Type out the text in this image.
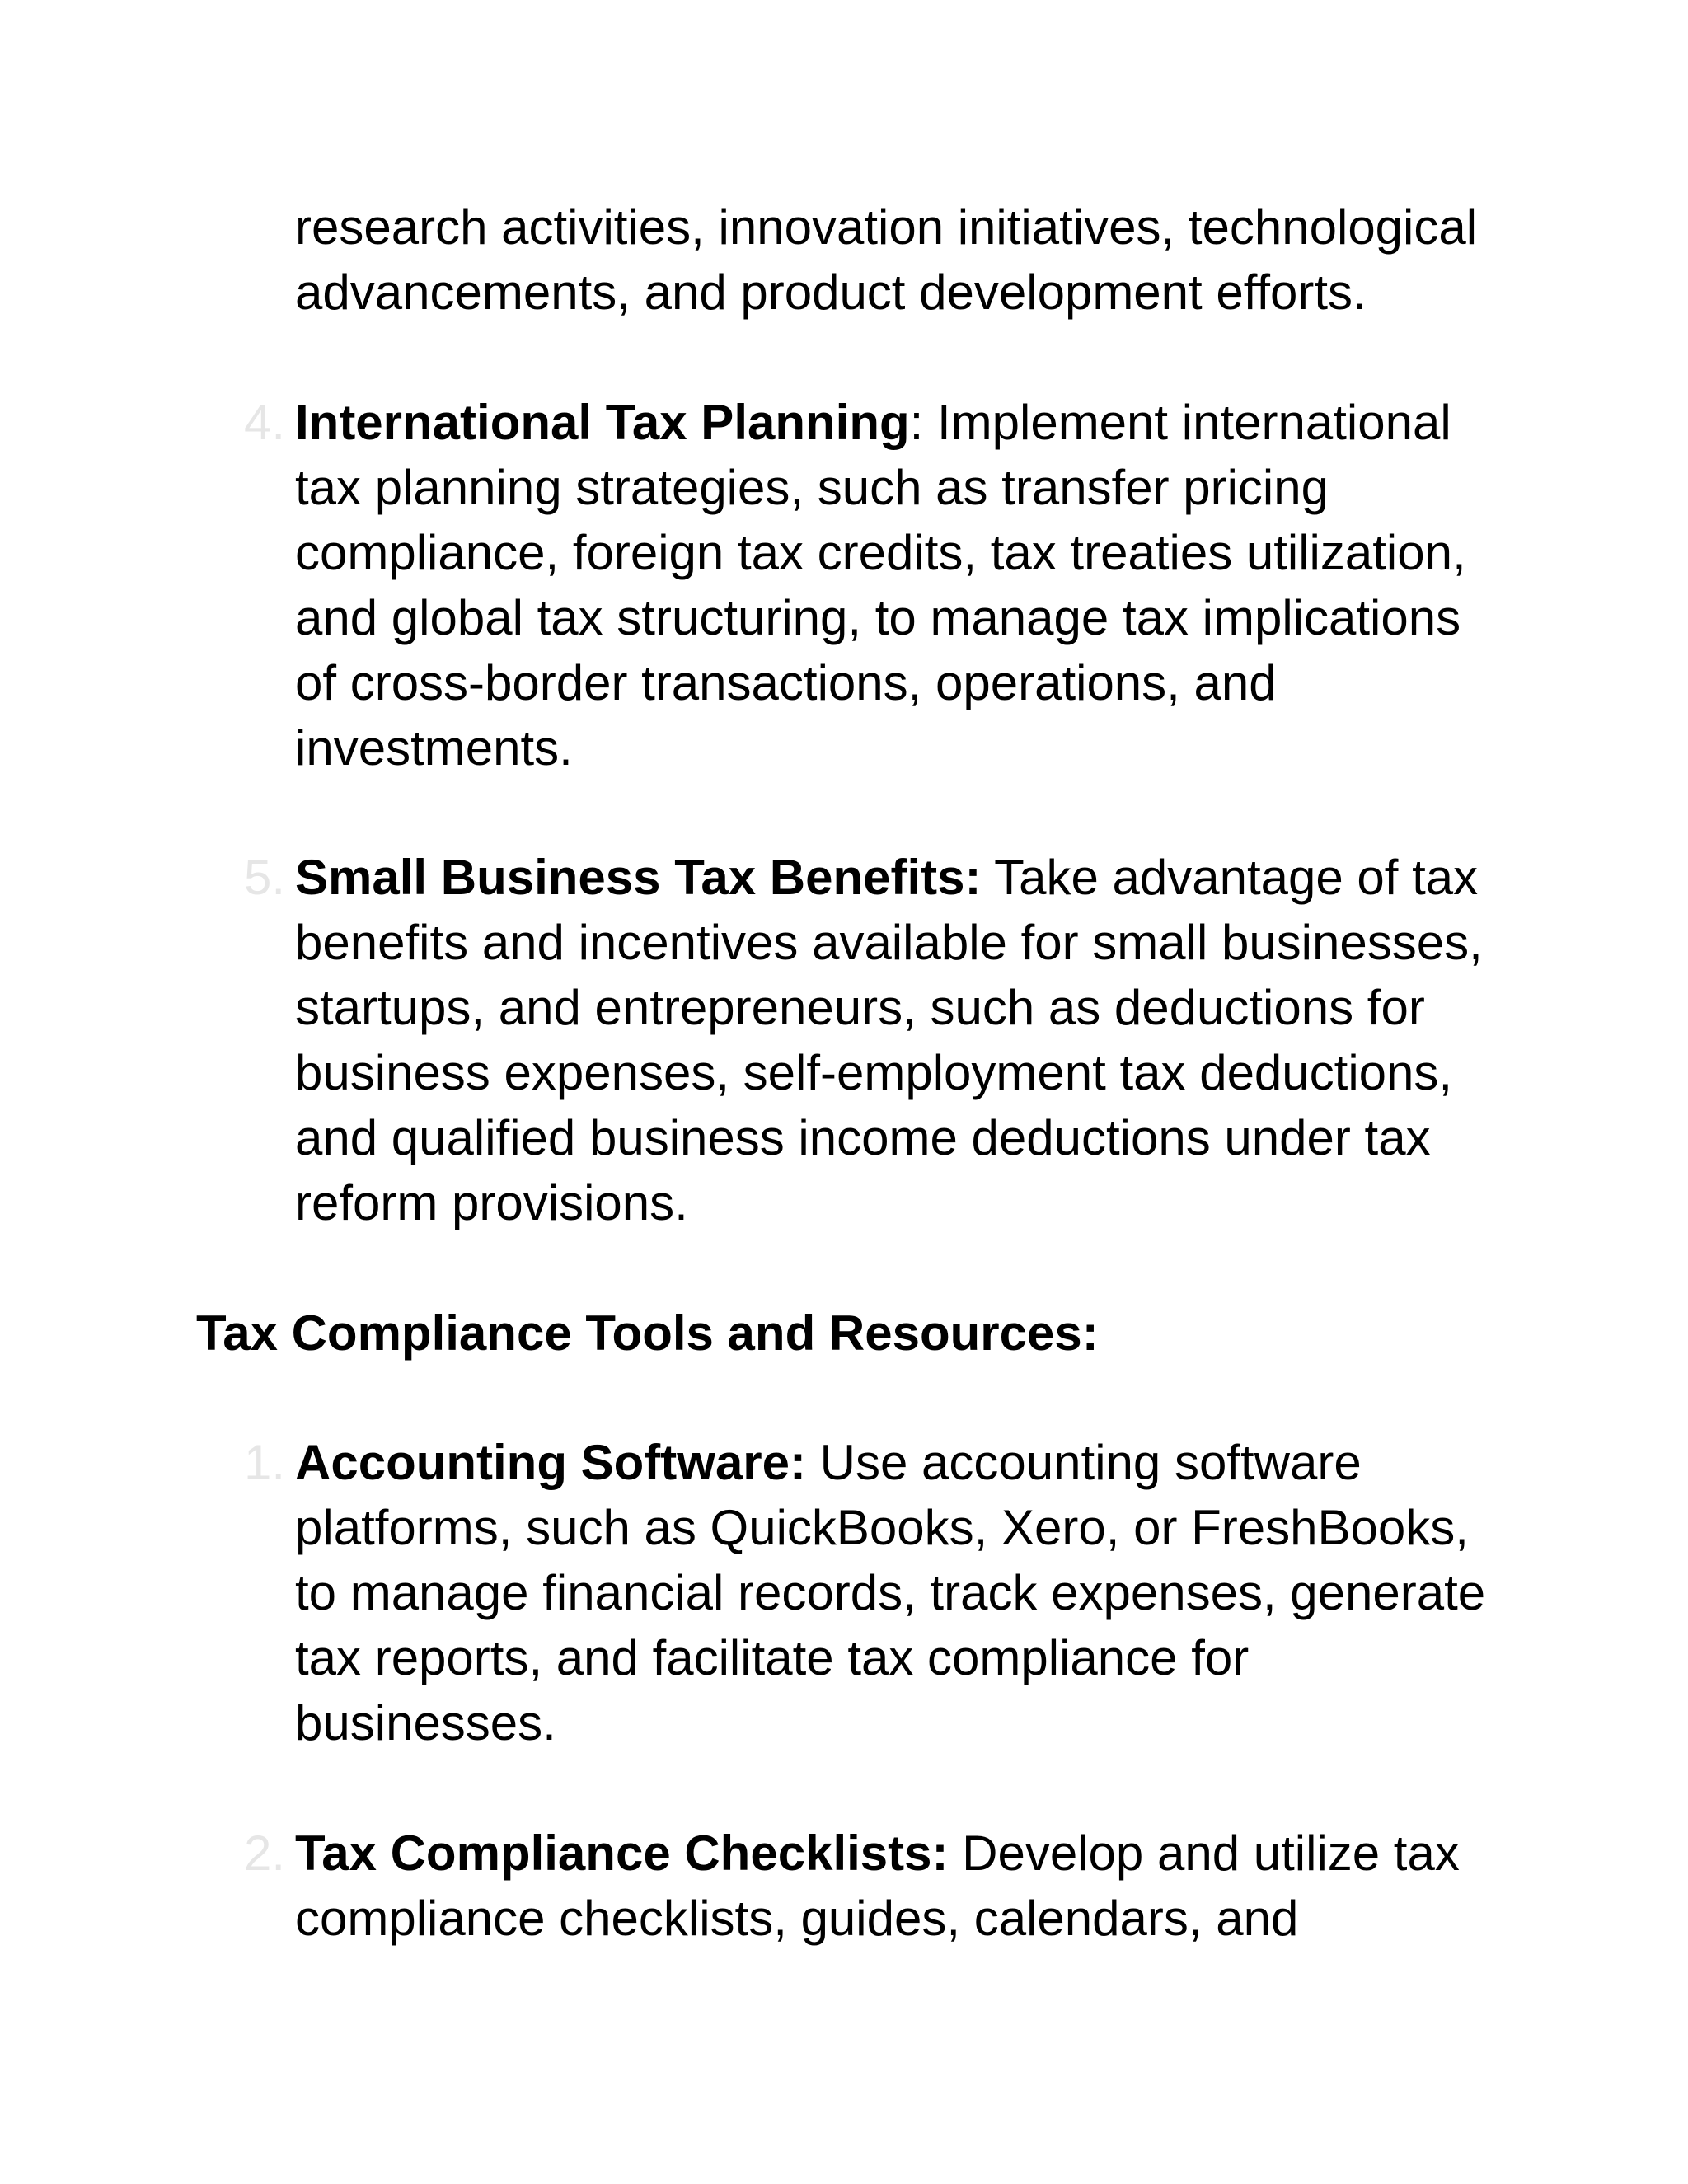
research activities, innovation initiatives, technological advancements, and product development efforts.

4. International Tax Planning: Implement international tax planning strategies, such as transfer pricing compliance, foreign tax credits, tax treaties utilization, and global tax structuring, to manage tax implications of cross-border transactions, operations, and investments.
5. Small Business Tax Benefits: Take advantage of tax benefits and incentives available for small businesses, startups, and entrepreneurs, such as deductions for business expenses, self-employment tax deductions, and qualified business income deductions under tax reform provisions.
Tax Compliance Tools and Resources:
1. Accounting Software: Use accounting software platforms, such as QuickBooks, Xero, or FreshBooks, to manage financial records, track expenses, generate tax reports, and facilitate tax compliance for businesses.
2. Tax Compliance Checklists: Develop and utilize tax compliance checklists, guides, calendars, and
